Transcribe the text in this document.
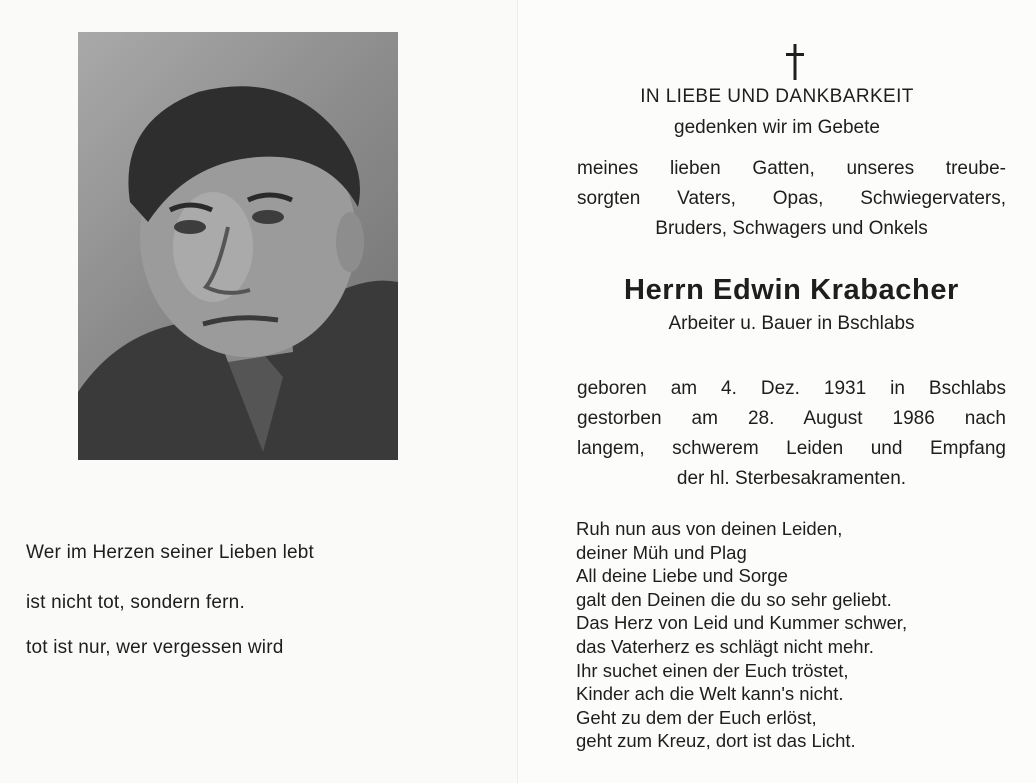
Wer im Herzen seiner Lieben lebt
ist nicht tot, sondern fern.
tot ist nur, wer vergessen wird
IN LIEBE UND DANKBARKEIT
gedenken wir im Gebete
meines lieben Gatten, unseres treube-
sorgten Vaters, Opas, Schwiegervaters,
Bruders, Schwagers und Onkels
Herrn Edwin Krabacher
Arbeiter u. Bauer in Bschlabs
geboren am 4. Dez. 1931 in Bschlabs
gestorben am 28. August 1986 nach
langem, schwerem Leiden und Empfang
der hl. Sterbesakramenten.
Ruh nun aus von deinen Leiden,
deiner Müh und Plag
All deine Liebe und Sorge
galt den Deinen die du so sehr geliebt.
Das Herz von Leid und Kummer schwer,
das Vaterherz es schlägt nicht mehr.
Ihr suchet einen der Euch tröstet,
Kinder ach die Welt kann's nicht.
Geht zu dem der Euch erlöst,
geht zum Kreuz, dort ist das Licht.
